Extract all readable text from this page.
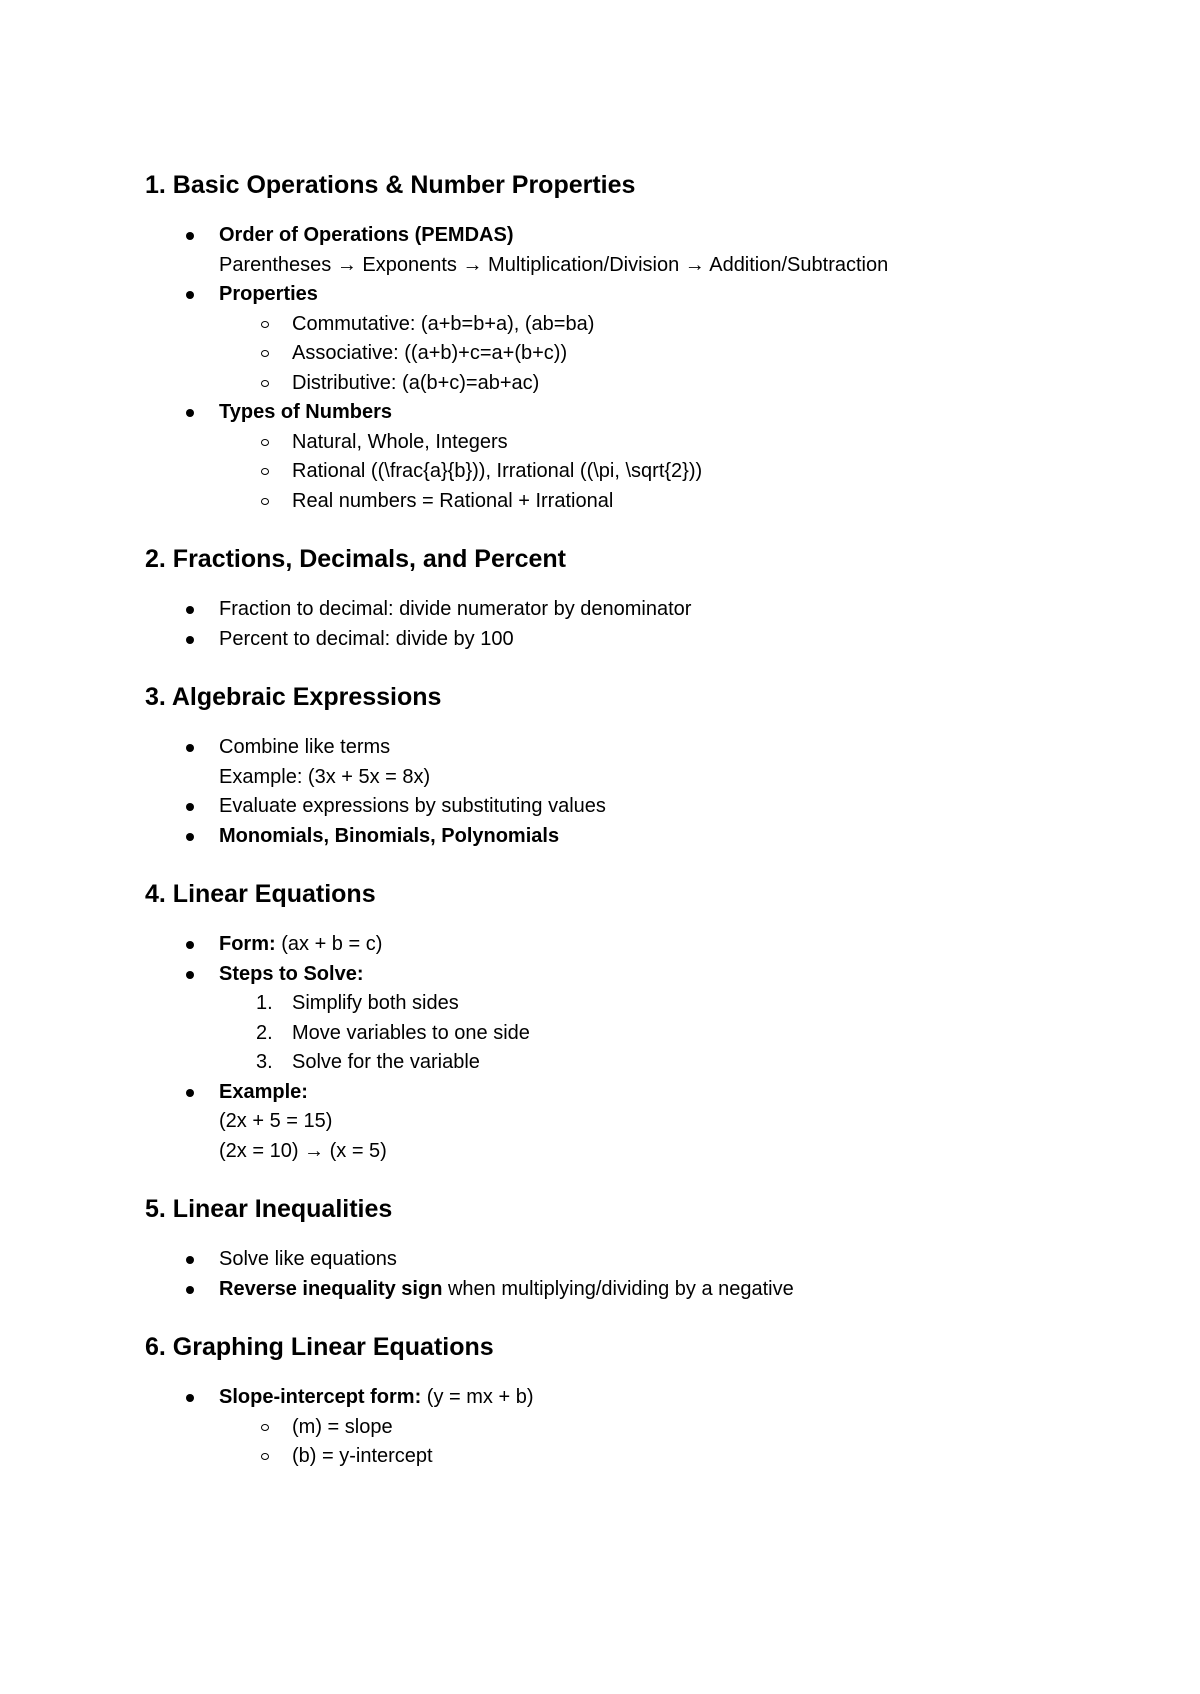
1. Basic Operations & Number Properties
Order of Operations (PEMDAS)
Parentheses → Exponents → Multiplication/Division → Addition/Subtraction
Properties
Commutative: (a+b=b+a), (ab=ba)
Associative: ((a+b)+c=a+(b+c))
Distributive: (a(b+c)=ab+ac)
Types of Numbers
Natural, Whole, Integers
Rational ((\frac{a}{b})), Irrational ((\pi, \sqrt{2}))
Real numbers = Rational + Irrational
2. Fractions, Decimals, and Percent
Fraction to decimal: divide numerator by denominator
Percent to decimal: divide by 100
3. Algebraic Expressions
Combine like terms
Example: (3x + 5x = 8x)
Evaluate expressions by substituting values
Monomials, Binomials, Polynomials
4. Linear Equations
Form: (ax + b = c)
Steps to Solve:
1. Simplify both sides
2. Move variables to one side
3. Solve for the variable
Example:
(2x + 5 = 15)
(2x = 10) → (x = 5)
5. Linear Inequalities
Solve like equations
Reverse inequality sign when multiplying/dividing by a negative
6. Graphing Linear Equations
Slope-intercept form: (y = mx + b)
(m) = slope
(b) = y-intercept
